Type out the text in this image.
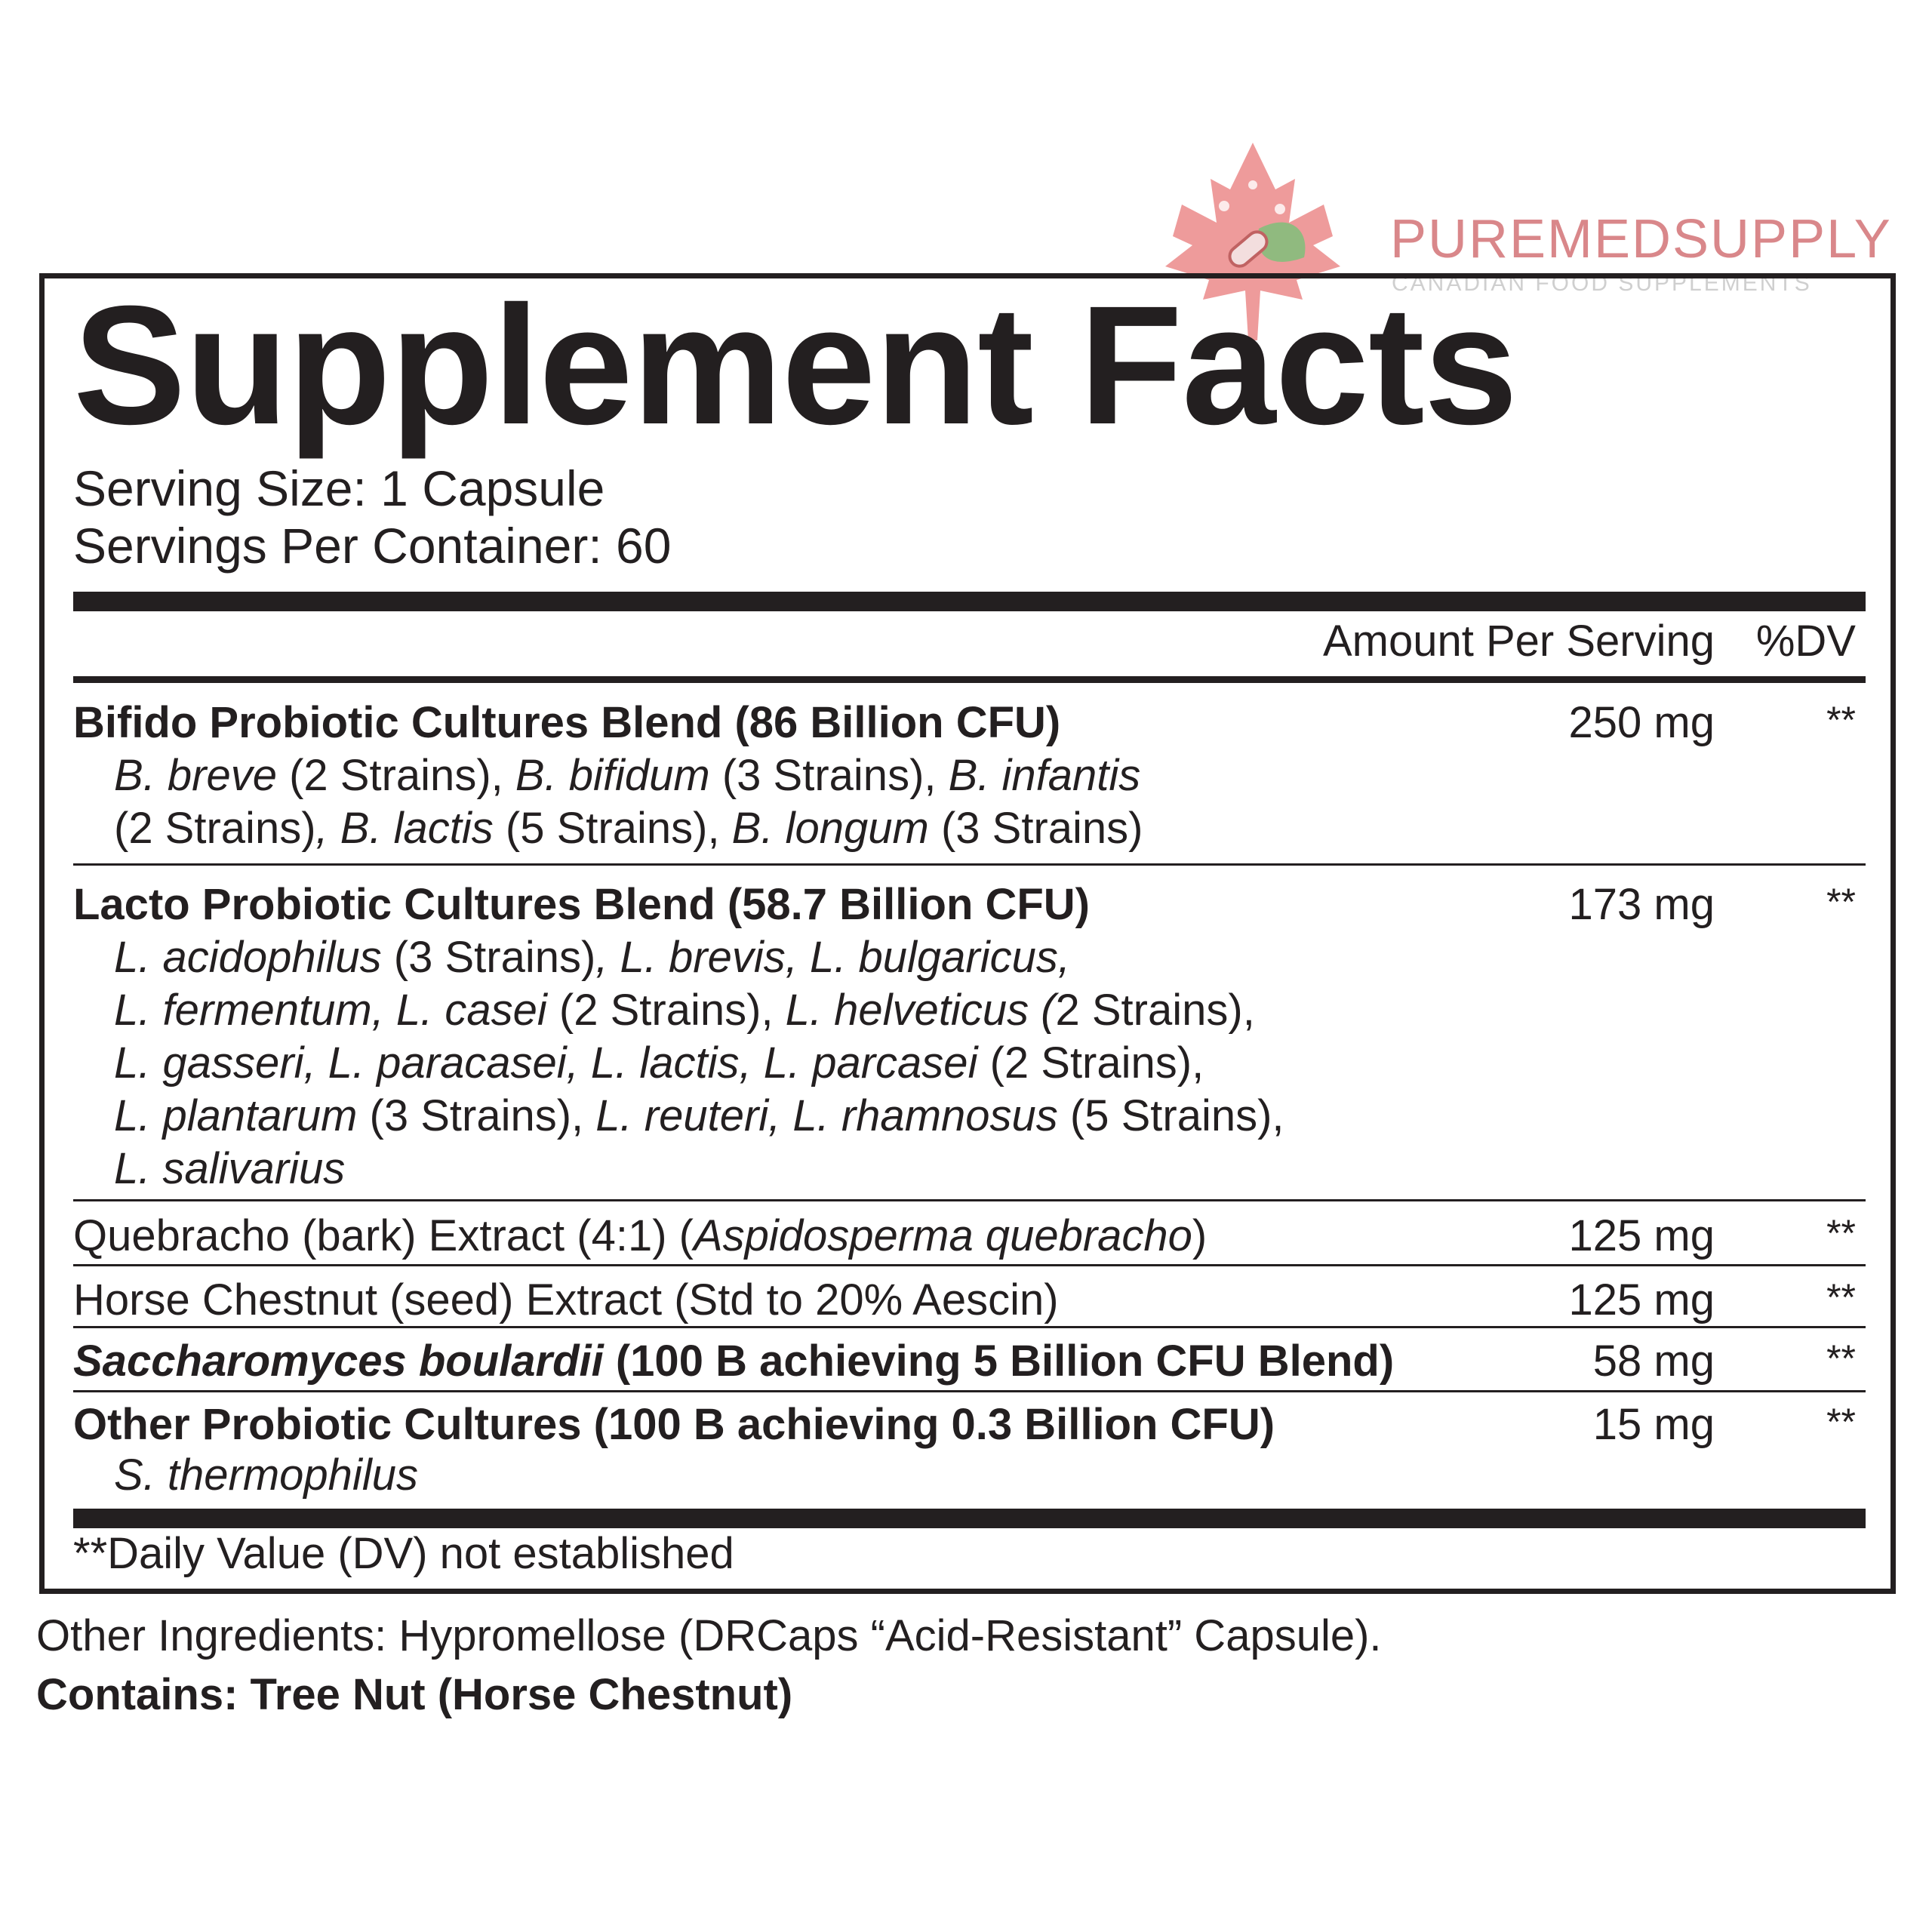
PUREMEDSUPPLY
CANADIAN FOOD SUPPLEMENTS
Supplement Facts
Serving Size: 1 Capsule
Servings Per Container: 60
Amount Per Serving %DV
Bifido Probiotic Cultures Blend (86 Billion CFU)
B. breve (2 Strains), B. bifidum (3 Strains), B. infantis
(2 Strains), B. lactis (5 Strains), B. longum (3 Strains)
250 mg	**
Lacto Probiotic Cultures Blend (58.7 Billion CFU)
L. acidophilus (3 Strains), L. brevis, L. bulgaricus,
L. fermentum, L. casei (2 Strains), L. helveticus (2 Strains),
L. gasseri, L. paracasei, L. lactis, L. parcasei (2 Strains),
L. plantarum (3 Strains), L. reuteri, L. rhamnosus (5 Strains),
L. salivarius
173 mg	**
Quebracho (bark) Extract (4:1) (Aspidosperma quebracho)	125 mg	**
Horse Chestnut (seed) Extract (Std to 20% Aescin)	125 mg	**
Saccharomyces boulardii (100 B achieving 5 Billion CFU Blend)	58 mg	**
Other Probiotic Cultures (100 B achieving 0.3 Billion CFU)
S. thermophilus
15 mg	**
**Daily Value (DV) not established
Other Ingredients: Hypromellose (DRCaps “Acid-Resistant” Capsule).
Contains: Tree Nut (Horse Chestnut)
